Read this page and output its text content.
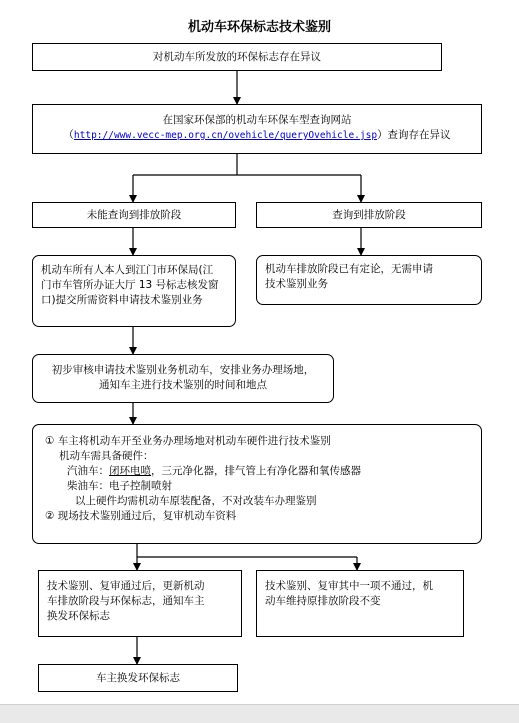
机动车环保标志技术鉴别
对机动车所发放的环保标志存在异议
在国家环保部的机动车环保车型查询网站
（http://www.vecc-mep.org.cn/ovehicle/queryOvehicle.jsp）查询存在异议
未能查询到排放阶段	查询到排放阶段
机动车所有人本人到江门市环保局(江
门市车管所办证大厅 13 号标志核发窗
口)提交所需资料申请技术鉴别业务
机动车排放阶段已有定论，无需申请
技术鉴别业务
初步审核申请技术鉴别业务机动车，安排业务办理场地，
通知车主进行技术鉴别的时间和地点
① 车主将机动车开至业务办理场地对机动车硬件进行技术鉴别
机动车需具备硬件：
汽油车：闭环电喷，三元净化器，排气管上有净化器和氧传感器
柴油车：电子控制喷射
以上硬件均需机动车原装配备，不对改装车办理鉴别
② 现场技术鉴别通过后，复审机动车资料
技术鉴别、复审通过后，更新机动
车排放阶段与环保标志，通知车主
换发环保标志
技术鉴别、复审其中一项不通过，机
动车维持原排放阶段不变
车主换发环保标志
